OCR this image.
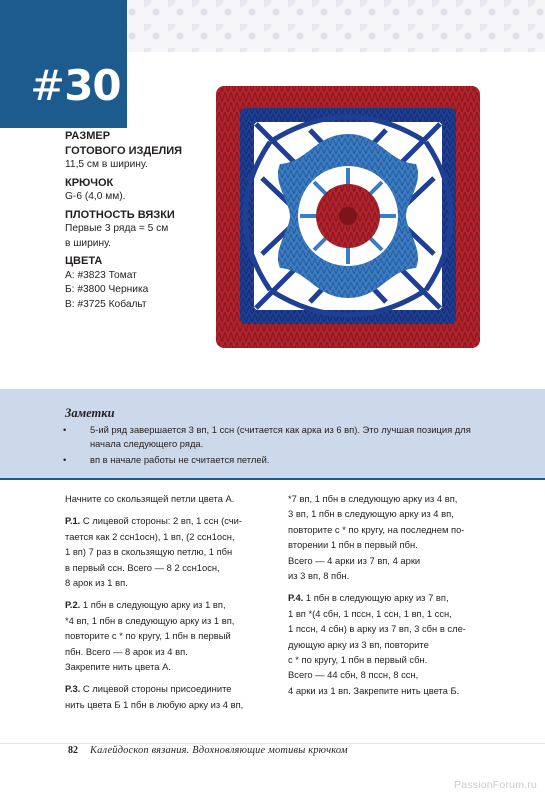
#30
РАЗМЕР
ГОТОВОГО ИЗДЕЛИЯ
11,5 см в ширину.
КРЮЧОК
G-6 (4,0 мм).
ПЛОТНОСТЬ ВЯЗКИ
Первые 3 ряда = 5 см
в ширину.
ЦВЕТА
А: #3823 Томат
Б: #3800 Черника
В: #3725 Кобальт
Заметки
•	5-ий ряд завершается 3 вп, 1 ссн (считается как арка из 6 вп). Это лучшая позиция для начала следующего ряда.
•	вп в начале работы не считается петлей.

Начните со скользящей петли цвета А.

Р.1. С лицевой стороны: 2 вп, 1 ссн (счи-
тается как 2 ссн1осн), 1 вп, (2 ссн1осн,
1 вп) 7 раз в скользящую петлю, 1 пбн
в первый ссн. Всего — 8 2 ссн1осн,
8 арок из 1 вп.

Р.2. 1 пбн в следующую арку из 1 вп,
*4 вп, 1 пбн в следующую арку из 1 вп,
повторите с * по кругу, 1 пбн в первый
пбн. Всего — 8 арок из 4 вп.
Закрепите нить цвета А.

Р.3. С лицевой стороны присоедините
нить цвета Б 1 пбн в любую арку из 4 вп,

*7 вп, 1 пбн в следующую арку из 4 вп,
3 вп, 1 пбн в следующую арку из 4 вп,
повторите с * по кругу, на последнем по-
вторении 1 пбн в первый пбн.
Всего — 4 арки из 7 вп, 4 арки
из 3 вп, 8 пбн.

Р.4. 1 пбн в следующую арку из 7 вп,
1 вп *(4 сбн, 1 пссн, 1 ссн, 1 вп, 1 ссн,
1 пссн, 4 сбн) в арку из 7 вп, 3 сбн в сле-
дующую арку из 3 вп, повторите
с * по кругу, 1 пбн в первый сбн.
Всего — 44 сбн, 8 пссн, 8 ссн,
4 арки из 1 вп. Закрепите нить цвета Б.

82 Калейдоскоп вязания. Вдохновляющие мотивы крючком
PassionForum.ru
